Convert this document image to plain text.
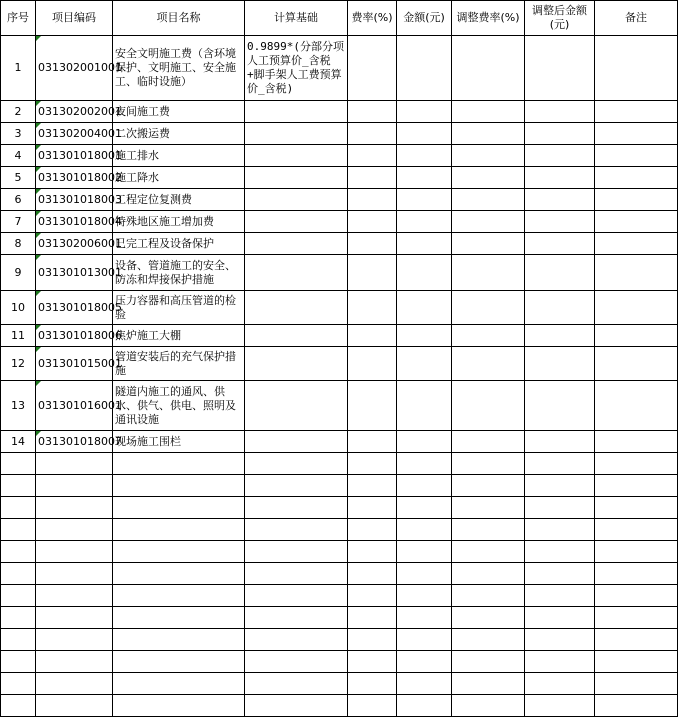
序号	项目编码	项目名称	计算基础	费率(%)	金额(元)	调整费率(%)	调整后金额(元)	备注
1	031302001001	安全文明施工费（含环境保护、文明施工、安全施工、临时设施）	0.9899*(分部分项人工预算价_含税+脚手架人工费预算价_含税)					
2	031302002001	夜间施工费						
3	031302004001	二次搬运费						
4	031301018001	施工排水						
5	031301018002	施工降水						
6	031301018003	工程定位复测费						
7	031301018004	特殊地区施工增加费						
8	031302006001	已完工程及设备保护						
9	031301013001	设备、管道施工的安全、防冻和焊接保护措施						
10	031301018005	压力容器和高压管道的检验						
11	031301018006	焦炉施工大棚						
12	031301015001	管道安装后的充气保护措施						
13	031301016001	隧道内施工的通风、供水、供气、供电、照明及通讯设施						
14	031301018007	现场施工围栏						
